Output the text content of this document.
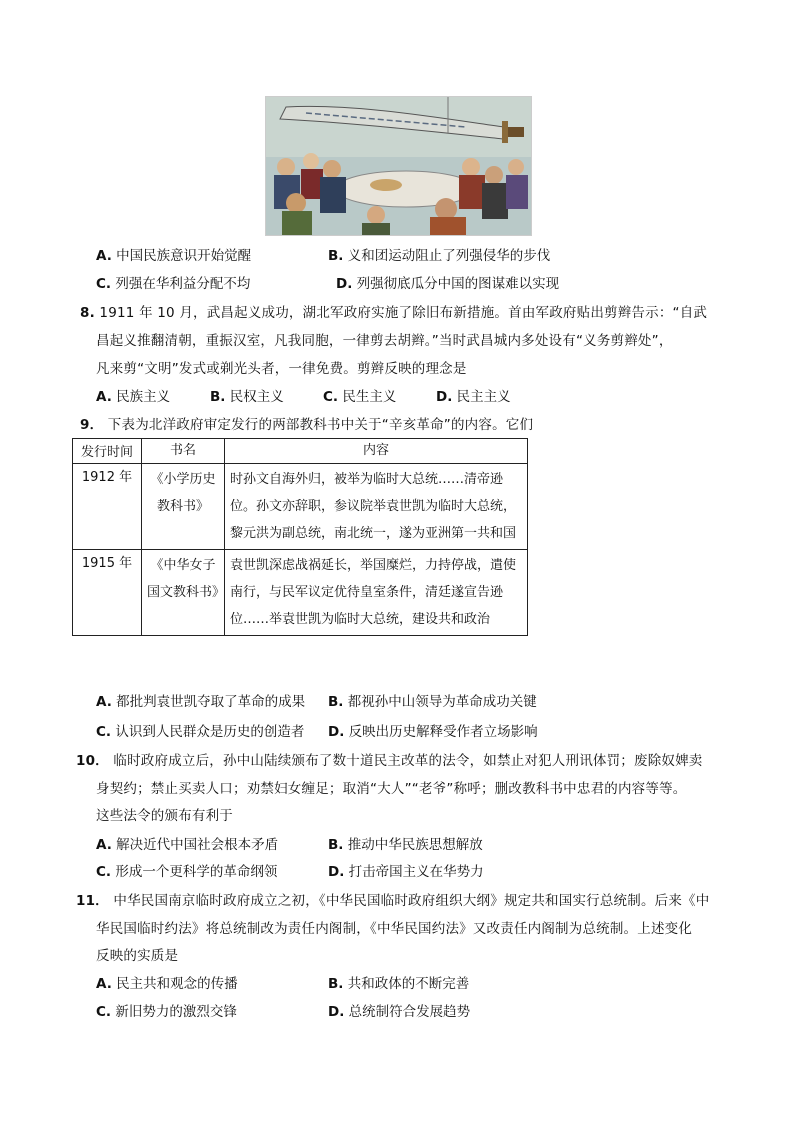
A. 中国民族意识开始觉醒	B. 义和团运动阻止了列强侵华的步伐
C. 列强在华利益分配不均	D. 列强彻底瓜分中国的图谋难以实现
8. 1911 年 10 月，武昌起义成功，湖北军政府实施了除旧布新措施。首由军政府贴出剪辫告示：“自武
昌起义推翻清朝，重振汉室，凡我同胞，一律剪去胡辫。”当时武昌城内多处设有“义务剪辫处”，
凡来剪“文明”发式或剃光头者，一律免费。剪辫反映的理念是
A. 民族主义	B. 民权主义	C. 民生主义	D. 民主主义
9． 下表为北洋政府审定发行的两部教科书中关于“辛亥革命”的内容。它们
发行时间	书名	内容
1912 年	《小学历史教科书》	时孙文自海外归，被举为临时大总统……清帝逊位。孙文亦辞职，参议院举袁世凯为临时大总统，黎元洪为副总统，南北统一，遂为亚洲第一共和国
1915 年	《中华女子国文教科书》	袁世凯深虑战祸延长，举国糜烂，力持停战，遣使南行，与民军议定优待皇室条件，清廷遂宣告逊位……举袁世凯为临时大总统，建设共和政治
A. 都批判袁世凯夺取了革命的成果 B. 都视孙中山领导为革命成功关键
C. 认识到人民群众是历史的创造者 D. 反映出历史解释受作者立场影响
10． 临时政府成立后，孙中山陆续颁布了数十道民主改革的法令，如禁止对犯人刑讯体罚；废除奴婢卖
身契约；禁止买卖人口；劝禁妇女缠足；取消“大人”“老爷”称呼；删改教科书中忠君的内容等等。
这些法令的颁布有利于
A. 解决近代中国社会根本矛盾	B. 推动中华民族思想解放
C. 形成一个更科学的革命纲领	D. 打击帝国主义在华势力
11． 中华民国南京临时政府成立之初，《中华民国临时政府组织大纲》规定共和国实行总统制。后来《中
华民国临时约法》将总统制改为责任内阁制，《中华民国约法》又改责任内阁制为总统制。上述变化
反映的实质是
A. 民主共和观念的传播	B. 共和政体的不断完善
C. 新旧势力的激烈交锋	D. 总统制符合发展趋势
